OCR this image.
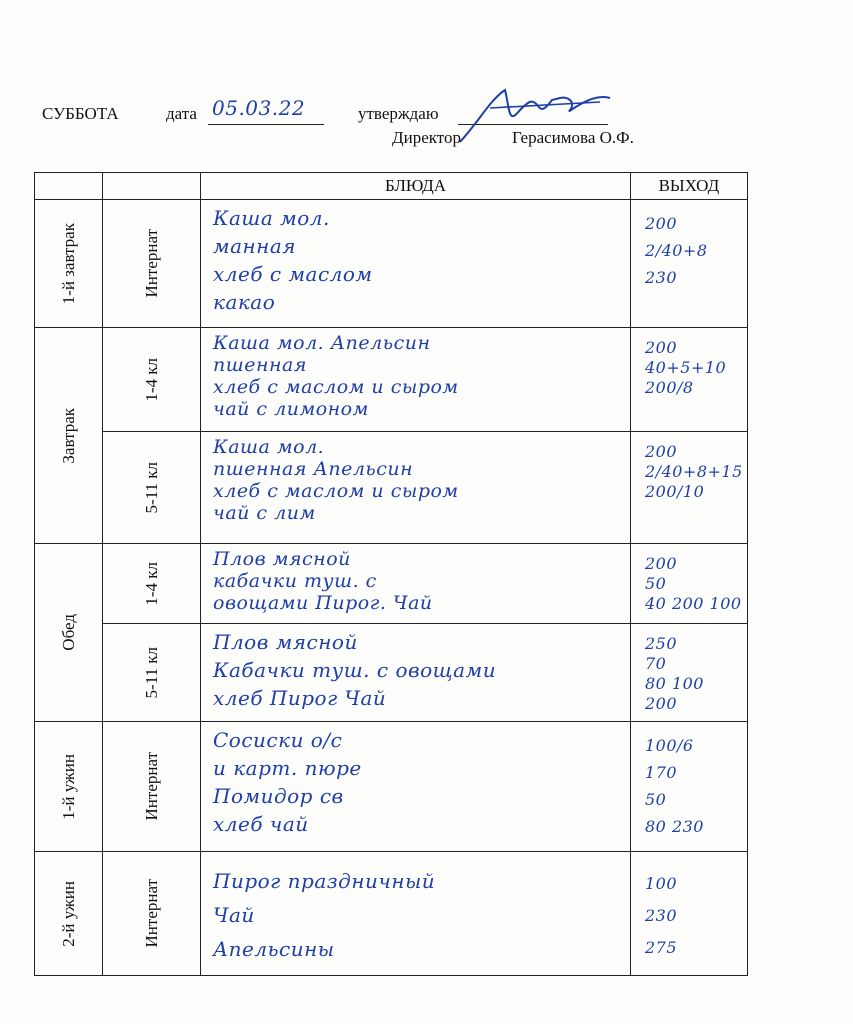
СУББОТА	дата 05.03.22	утверждаю
Директор	Герасимова О.Ф.
		БЛЮДА	ВЫХОД

1-й завтрак	Интернат	Каша мол.
манная
хлеб с маслом
какао	200
2/40+8
230

Завтрак	1-4 кл	Каша мол. Апельсин
пшенная
хлеб с маслом и сыром
чай с лимоном	200
40+5+10
200/8

	5-11 кл	Каша мол.
пшенная Апельсин
хлеб с маслом и сыром
чай с лим	200
2/40+8+15
200/10

Обед	1-4 кл	Плов мясной
кабачки туш. с
овощами Пирог. Чай	200
50
40 200 100

	5-11 кл	Плов мясной
Кабачки туш. с овощами
хлеб Пирог Чай	250
70
80 100
200

1-й ужин	Интернат	Сосиски о/с
и карт. пюре
Помидор св
хлеб чай	100/6
170
50
80 230

2-й ужин	Интернат	Пирог праздничный
Чай
Апельсины	100
230
275
